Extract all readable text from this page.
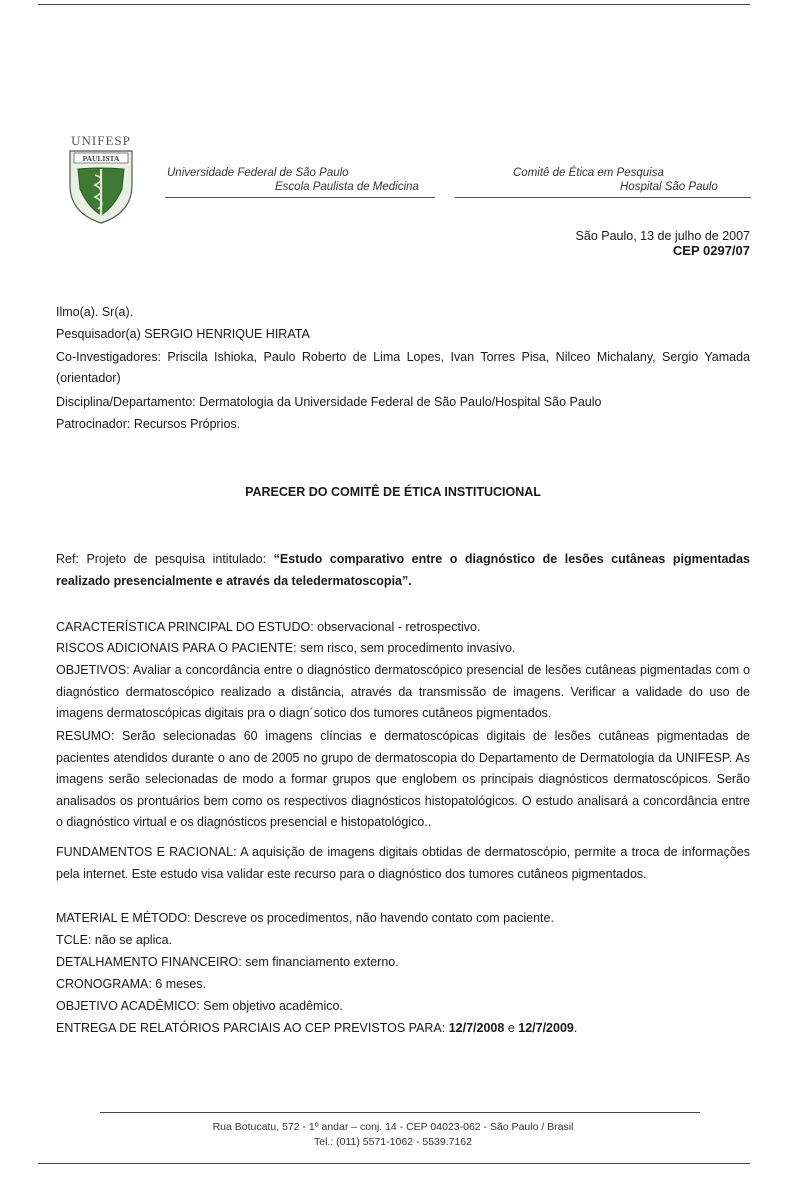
UNIFESP
PAULISTA
Universidade Federal de São Paulo
Escola Paulista de Medicina
Comitê de Ética em Pesquisa
Hospital São Paulo
São Paulo, 13 de julho de 2007
CEP 0297/07
Ilmo(a). Sr(a).
Pesquisador(a) SERGIO HENRIQUE HIRATA
Co-Investigadores: Priscila Ishioka, Paulo Roberto de Lima Lopes, Ivan Torres Pisa, Nilceo Michalany, Sergio Yamada (orientador)
Disciplina/Departamento: Dermatologia da Universidade Federal de São Paulo/Hospital São Paulo
Patrocinador: Recursos Próprios.
PARECER DO COMITÊ DE ÉTICA INSTITUCIONAL
Ref: Projeto de pesquisa intitulado: “Estudo comparativo entre o diagnóstico de lesões cutâneas pigmentadas realizado presencialmente e através da teledermatoscopia”.
CARACTERÍSTICA PRINCIPAL DO ESTUDO: observacional - retrospectivo.
RISCOS ADICIONAIS PARA O PACIENTE: sem risco, sem procedimento invasivo.
OBJETIVOS: Avaliar a concordância entre o diagnóstico dermatoscópico presencial de lesões cutâneas pigmentadas com o diagnóstico dermatoscópico realizado a distância, através da transmissão de imagens. Verificar a validade do uso de imagens dermatoscópicas digitais pra o diagn´sotico dos tumores cutâneos pigmentados.
RESUMO: Serão selecionadas 60 imagens clíncias e dermatoscópicas digitais de lesões cutâneas pigmentadas de pacientes atendidos durante o ano de 2005 no grupo de dermatoscopia do Departamento de Dermatologia da UNIFESP. As imagens serão selecionadas de modo a formar grupos que englobem os principais diagnósticos dermatoscópicos. Serão analisados os prontuários bem como os respectivos diagnósticos histopatológicos. O estudo analisará a concordância entre o diagnóstico virtual e os diagnósticos presencial e histopatológico..
FUNDAMENTOS E RACIONAL: A aquisição de imagens digitais obtidas de dermatoscópio, permite a troca de informações pela internet. Este estudo visa validar este recurso para o diagnóstico dos tumores cutâneos pigmentados.
MATERIAL E MÉTODO: Descreve os procedimentos, não havendo contato com paciente.
TCLE: não se aplica.
DETALHAMENTO FINANCEIRO: sem financiamento externo.
CRONOGRAMA: 6 meses.
OBJETIVO ACADÊMICO: Sem objetivo acadêmico.
ENTREGA DE RELATÓRIOS PARCIAIS AO CEP PREVISTOS PARA: 12/7/2008 e 12/7/2009.
Rua Botucatu, 572 - 1º andar – conj. 14 - CEP 04023-062 - São Paulo / Brasil
Tel.: (011) 5571-1062 - 5539.7162
